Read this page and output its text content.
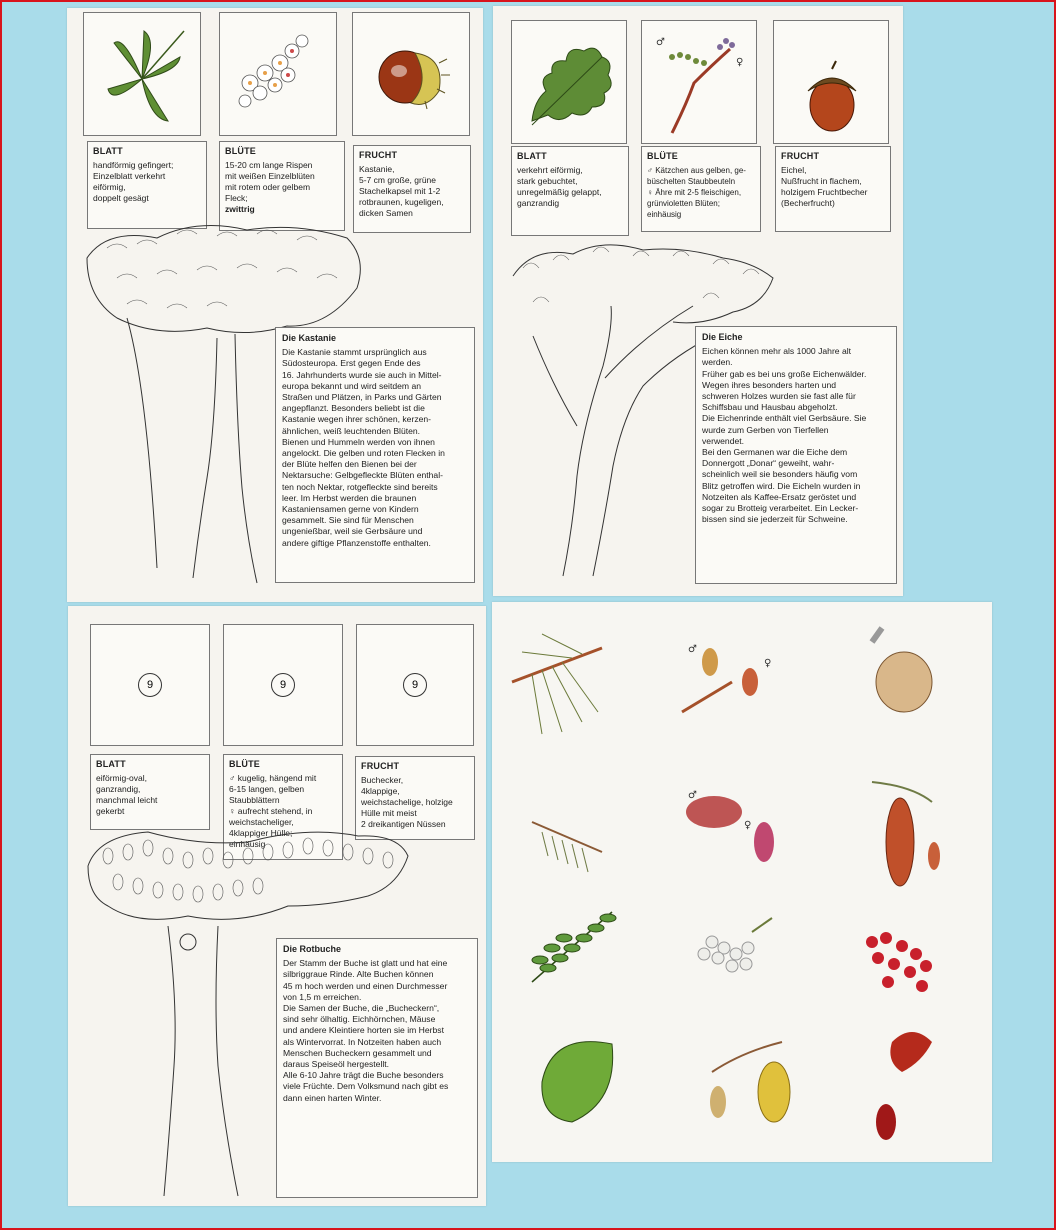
BLATT

handförmig gefingert;
Einzelblatt verkehrt
eiförmig,
doppelt gesägt

BLÜTE

15-20 cm lange Rispen
mit weißen Einzelblüten
mit rotem oder gelbem
Fleck;

zwittrig

FRUCHT

Kastanie,
5-7 cm große, grüne
Stachelkapsel mit 1-2
rotbraunen, kugeligen,
dicken Samen

Die Kastanie

Die Kastanie stammt ursprünglich aus
Südosteuropa. Erst gegen Ende des
16. Jahrhunderts wurde sie auch in Mittel-
europa bekannt und wird seitdem an
Straßen und Plätzen, in Parks und Gärten
angepflanzt. Besonders beliebt ist die
Kastanie wegen ihrer schönen, kerzen-
ähnlichen, weiß leuchtenden Blüten.
Bienen und Hummeln werden von ihnen
angelockt. Die gelben und roten Flecken in
der Blüte helfen den Bienen bei der
Nektarsuche: Gelbgefleckte Blüten enthal-
ten noch Nektar, rotgefleckte sind bereits
leer. Im Herbst werden die braunen
Kastaniensamen gerne von Kindern
gesammelt. Sie sind für Menschen
ungenießbar, weil sie Gerbsäure und
andere giftige Pflanzenstoffe enthalten.

♂
♀
BLATT

verkehrt eiförmig,
stark gebuchtet,
unregelmäßig gelappt,
ganzrandig

BLÜTE

♂ Kätzchen aus gelben, ge-
büschelten Staubbeuteln

♀ Ähre mit 2-5 fleischigen,
grünvioletten Blüten;

einhäusig

FRUCHT

Eichel,
Nußfrucht in flachem,
holzigem Fruchtbecher
(Becherfrucht)

Die Eiche

Eichen können mehr als 1000 Jahre alt
werden.
Früher gab es bei uns große Eichenwälder.
Wegen ihres besonders harten und
schweren Holzes wurden sie fast alle für
Schiffsbau und Hausbau abgeholzt.
Die Eichenrinde enthält viel Gerbsäure. Sie
wurde zum Gerben von Tierfellen
verwendet.
Bei den Germanen war die Eiche dem
Donnergott „Donar“ geweiht, wahr-
scheinlich weil sie besonders häufig vom
Blitz getroffen wird. Die Eicheln wurden in
Notzeiten als Kaffee-Ersatz geröstet und
sogar zu Brotteig verarbeitet. Ein Lecker-
bissen sind sie jederzeit für Schweine.

9	9	9
BLATT

eiförmig-oval,
ganzrandig,
manchmal leicht
gekerbt

BLÜTE

♂ kugelig, hängend mit
6-15 langen, gelben
Staubblättern

♀ aufrecht stehend, in
weichstacheliger,
4klappiger Hülle;

einhäusig

FRUCHT

Buchecker,
4klappige,
weichstachelige, holzige
Hülle mit meist
2 dreikantigen Nüssen

Die Rotbuche

Der Stamm der Buche ist glatt und hat eine
silbriggraue Rinde. Alte Buchen können
45 m hoch werden und einen Durchmesser
von 1,5 m erreichen.
Die Samen der Buche, die „Bucheckern“,
sind sehr ölhaltig. Eichhörnchen, Mäuse
und andere Kleintiere horten sie im Herbst
als Wintervorrat. In Notzeiten haben auch
Menschen Bucheckern gesammelt und
daraus Speiseöl hergestellt.
Alle 6-10 Jahre trägt die Buche besonders
viele Früchte. Dem Volksmund nach gibt es
dann einen harten Winter.

♂
♀
♂
♀
